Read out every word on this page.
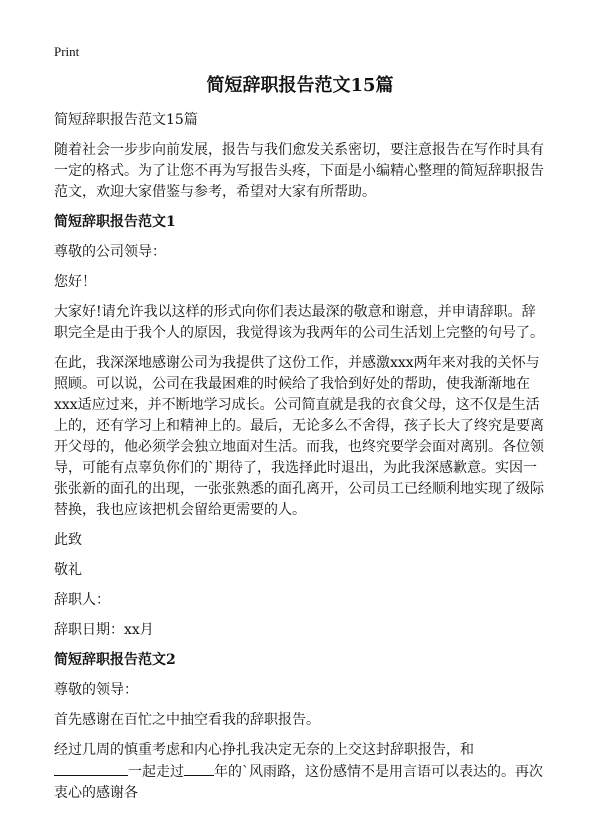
Print
简短辞职报告范文15篇

简短辞职报告范文15篇

随着社会一步步向前发展，报告与我们愈发关系密切，要注意报告在写作时具有一定的格式。为了让您不再为写报告头疼，下面是小编精心整理的简短辞职报告范文，欢迎大家借鉴与参考，希望对大家有所帮助。

简短辞职报告范文1

尊敬的公司领导：

您好！

大家好!请允许我以这样的形式向你们表达最深的敬意和谢意，并申请辞职。辞职完全是由于我个人的原因，我觉得该为我两年的公司生活划上完整的句号了。

在此，我深深地感谢公司为我提供了这份工作，并感激xxx两年来对我的关怀与照顾。可以说，公司在我最困难的时候给了我恰到好处的帮助，使我渐渐地在xxx适应过来，并不断地学习成长。公司简直就是我的衣食父母，这不仅是生活上的，还有学习上和精神上的。最后，无论多么不舍得，孩子长大了终究是要离开父母的，他必须学会独立地面对生活。而我，也终究要学会面对离别。各位领导，可能有点辜负你们的`期待了，我选择此时退出，为此我深感歉意。实因一张张新的面孔的出现，一张张熟悉的面孔离开，公司员工已经顺利地实现了级际替换，我也应该把机会留给更需要的人。

此致

敬礼

辞职人：

辞职日期：xx月

简短辞职报告范文2

尊敬的领导：

首先感谢在百忙之中抽空看我的辞职报告。

经过几周的慎重考虑和内心挣扎我决定无奈的上交这封辞职报告，和一起走过 年的`风雨路，这份感情不是用言语可以表达的。再次衷心的感谢各
